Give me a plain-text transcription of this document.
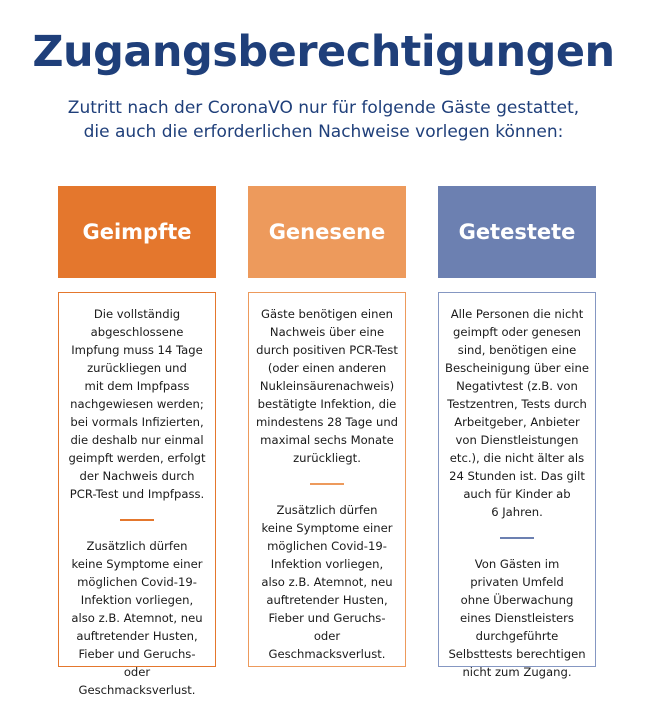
Zugangsberechtigungen
Zutritt nach der CoronaVO nur für folgende Gäste gestattet,
die auch die erforderlichen Nachweise vorlegen können:
Geimpfte	Genesene	Getestete

Die vollständig
abgeschlossene
Impfung muss 14 Tage
zurückliegen und
mit dem Impfpass
nachgewiesen werden;
bei vormals Infizierten,
die deshalb nur einmal
geimpft werden, erfolgt
der Nachweis durch
PCR-Test und Impfpass.

Zusätzlich dürfen
keine Symptome einer
möglichen Covid-19-
Infektion vorliegen,
also z.B. Atemnot, neu
auftretender Husten,
Fieber und Geruchs- oder
Geschmacksverlust.

Gäste benötigen einen
Nachweis über eine
durch positiven PCR-Test
(oder einen anderen
Nukleinsäurenachweis)
bestätigte Infektion, die
mindestens 28 Tage und
maximal sechs Monate
zurückliegt.

Zusätzlich dürfen
keine Symptome einer
möglichen Covid-19-
Infektion vorliegen,
also z.B. Atemnot, neu
auftretender Husten,
Fieber und Geruchs- oder
Geschmacksverlust.

Alle Personen die nicht
geimpft oder genesen
sind, benötigen eine
Bescheinigung über eine
Negativtest (z.B. von
Testzentren, Tests durch
Arbeitgeber, Anbieter
von Dienstleistungen
etc.), die nicht älter als
24 Stunden ist. Das gilt
auch für Kinder ab
6 Jahren.

Von Gästen im
privaten Umfeld
ohne Überwachung
eines Dienstleisters
durchgeführte
Selbsttests berechtigen
nicht zum Zugang.
